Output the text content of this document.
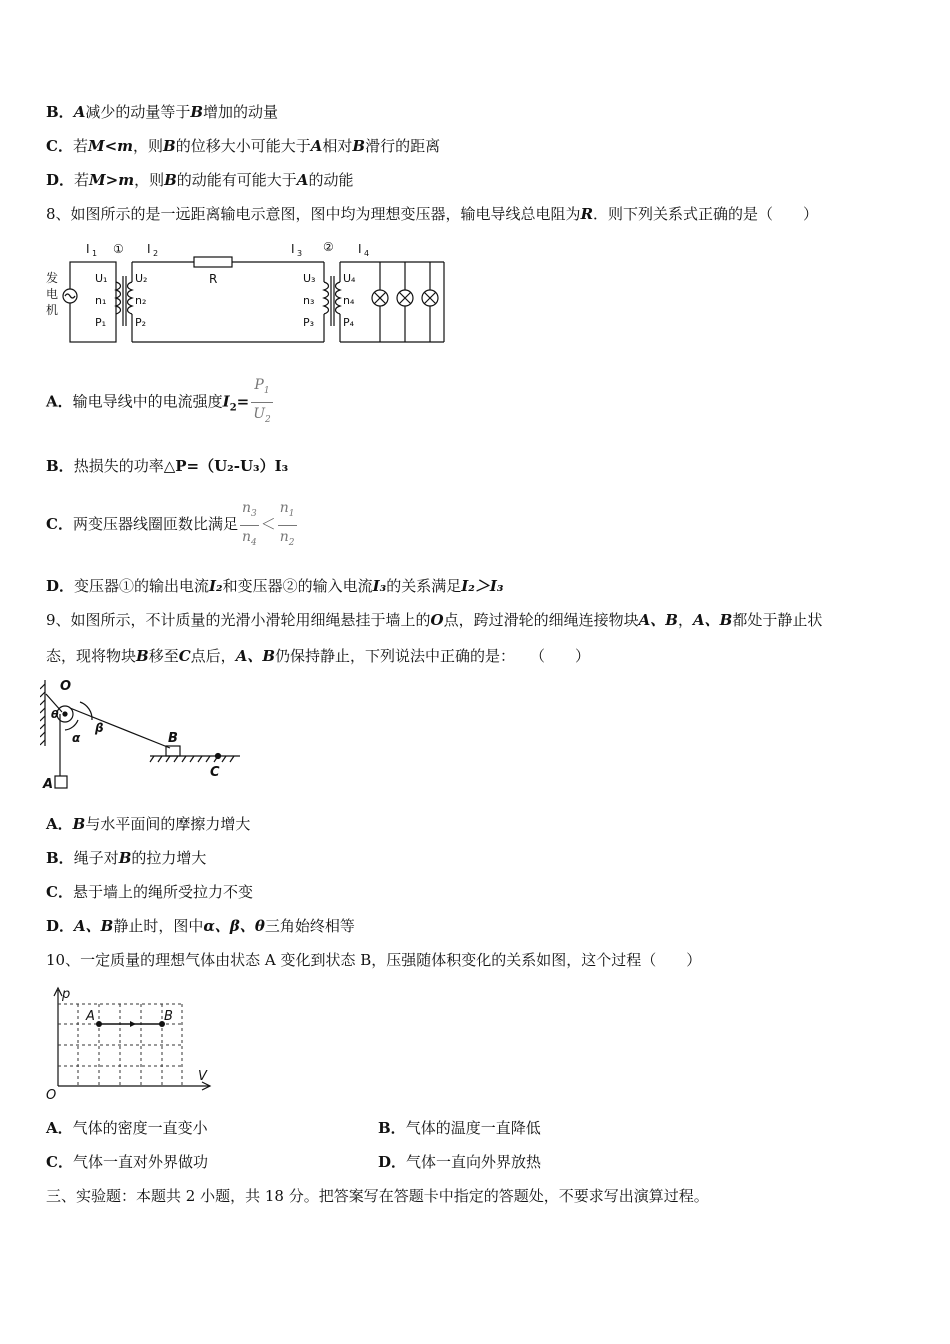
B．A减少的动量等于B增加的动量
C．若M<m，则B的位移大小可能大于A相对B滑行的距离
D．若M>m，则B的动能有可能大于A的动能
8、如图所示的是一远距离输电示意图，图中均为理想变压器，输电导线总电阻为R．则下列关系式正确的是（　　）
发
电
机
I 1 ① I 2
R
I 3 ② I 4
U₁
n₁
P₁
U₂
n₂
P₂
U₃
n₃
P₃
U₄
n₄
P₄
A．输电导线中的电流强度$I_2= \frac{P_1}{U_2}$
B．热损失的功率△P=（U₂-U₃）I₃
C．两变压器线圈匝数比满足 $\frac{n_3}{n_4} < \frac{n_1}{n_2}$
D．变压器①的输出电流I₂和变压器②的输入电流I₃的关系满足I₂＞I₃
9、如图所示，不计质量的光滑小滑轮用细绳悬挂于墙上的O点，跨过滑轮的细绳连接物块A、B，A、B都处于静止状
态，现将物块B移至C点后，A、B仍保持静止，下列说法中正确的是：　　（　　）
O
θ
α
β
A
B
C
A．B与水平面间的摩擦力增大
B．绳子对B的拉力增大
C．悬于墙上的绳所受拉力不变
D．A、B静止时，图中α、β、θ三角始终相等
10、一定质量的理想气体由状态 A 变化到状态 B，压强随体积变化的关系如图，这个过程（　　）
p
V
O
A	B
A．气体的密度一直变小	B．气体的温度一直降低
C．气体一直对外界做功	D．气体一直向外界放热
三、实验题：本题共 2 小题，共 18 分。把答案写在答题卡中指定的答题处，不要求写出演算过程。
